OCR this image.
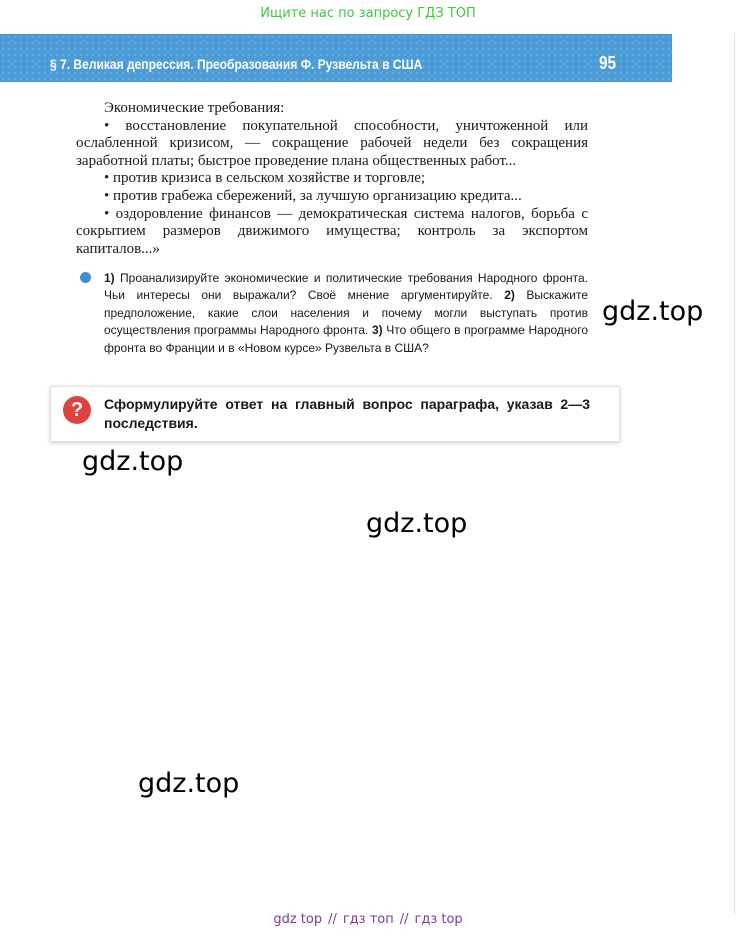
Ищите нас по запросу ГДЗ ТОП
§ 7. Великая депрессия. Преобразования Ф. Рузвельта в США	95

Экономические требования:

• восстановление покупательной способности, уничтоженной или ослабленной кризисом, — сокращение рабочей недели без сокращения заработной платы; быстрое проведение плана общественных работ...

• против кризиса в сельском хозяйстве и торговле;

• против грабежа сбережений, за лучшую организацию кредита...

• оздоровление финансов — демократическая система налогов, борьба с сокрытием размеров движимого имущества; контроль за экспортом капиталов...»

1) Проанализируйте экономические и политические требования Народного фронта. Чьи интересы они выражали? Своё мнение аргументируйте. 2) Выскажите предположение, какие слои населения и почему могли выступать против осуществления программы Народного фронта. 3) Что общего в программе Народного фронта во Франции и в «Новом курсе» Рузвельта в США?
?	Сформулируйте ответ на главный вопрос параграфа, указав 2—3 последствия.
gdz.top
gdz.top
gdz.top
gdz.top
gdz top // гдз топ // гдз top
